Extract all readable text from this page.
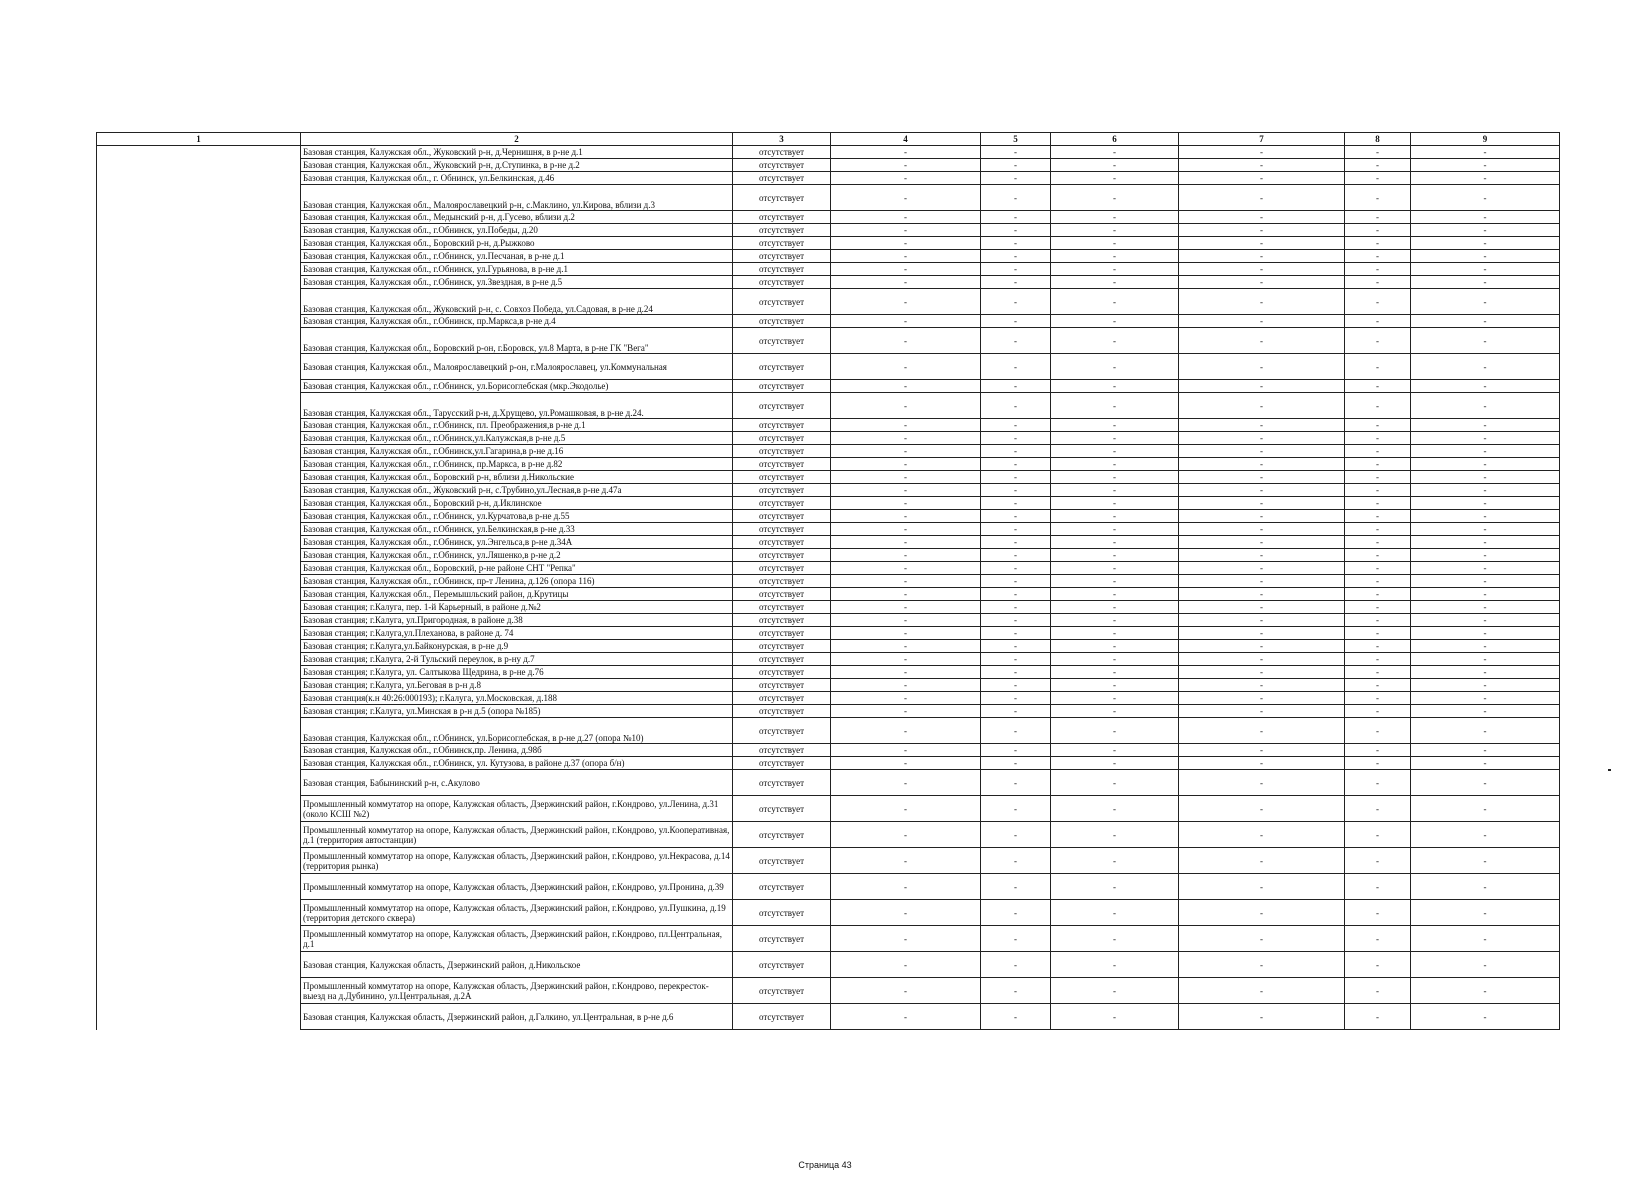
1	2	3	4	5	6	7	8	9
	Базовая станция, Калужская обл., Жуковский р-н, д.Чернишня, в р-не д.1	отсутствует	-	-	-	-	-	-
	Базовая станция, Калужская обл., Жуковский р-н, д.Ступинка, в р-не д.2	отсутствует	-	-	-	-	-	-
	Базовая станция, Калужская обл., г. Обнинск, ул.Белкинская, д.46	отсутствует	-	-	-	-	-	-
	Базовая станция, Калужская обл., Малоярославецкий р-н, с.Маклино, ул.Кирова, вблизи д.3	отсутствует	-	-	-	-	-	-
	Базовая станция, Калужская обл., Медынский р-н, д.Гусево, вблизи д.2	отсутствует	-	-	-	-	-	-
	Базовая станция, Калужская обл., г.Обнинск, ул.Победы, д.20	отсутствует	-	-	-	-	-	-
	Базовая станция, Калужская обл., Боровский р-н, д.Рыжково	отсутствует	-	-	-	-	-	-
	Базовая станция, Калужская обл., г.Обнинск, ул.Песчаная, в р-не д.1	отсутствует	-	-	-	-	-	-
	Базовая станция, Калужская обл., г.Обнинск, ул.Гурьянова, в р-не д.1	отсутствует	-	-	-	-	-	-
	Базовая станция, Калужская обл., г.Обнинск, ул.Звездная, в р-не д.5	отсутствует	-	-	-	-	-	-
	Базовая станция, Калужская обл., Жуковский р-н, с. Совхоз Победа, ул.Садовая, в р-не д.24	отсутствует	-	-	-	-	-	-
	Базовая станция, Калужская обл., г.Обнинск, пр.Маркса,в р-не д.4	отсутствует	-	-	-	-	-	-
	Базовая станция, Калужская обл., Боровский р-он, г.Боровск, ул.8 Марта, в р-не ГК "Вега"	отсутствует	-	-	-	-	-	-
	Базовая станция, Калужская обл., Малоярославецкий р-он, г.Малоярославец, ул.Коммунальная	отсутствует	-	-	-	-	-	-
	Базовая станция, Калужская обл., г.Обнинск, ул.Борисоглебская (мкр.Экодолье)	отсутствует	-	-	-	-	-	-
	Базовая станция, Калужская обл., Тарусский р-н, д.Хрущево, ул.Ромашковая, в р-не д.24.	отсутствует	-	-	-	-	-	-
	Базовая станция, Калужская обл., г.Обнинск, пл. Преображения,в р-не д.1	отсутствует	-	-	-	-	-	-
	Базовая станция, Калужская обл., г.Обнинск,ул.Калужская,в р-не д.5	отсутствует	-	-	-	-	-	-
	Базовая станция, Калужская обл., г.Обнинск,ул.Гагарина,в р-не д.16	отсутствует	-	-	-	-	-	-
	Базовая станция, Калужская обл., г.Обнинск, пр.Маркса, в р-не д.82	отсутствует	-	-	-	-	-	-
	Базовая станция, Калужская обл., Боровский р-н, вблизи д.Никольские	отсутствует	-	-	-	-	-	-
	Базовая станция, Калужская обл., Жуковский р-н, с.Трубино,ул.Лесная,в р-не д.47а	отсутствует	-	-	-	-	-	-
	Базовая станция, Калужская обл., Боровский р-н, д.Иклинское	отсутствует	-	-	-	-	-	-
	Базовая станция, Калужская обл., г.Обнинск, ул.Курчатова,в р-не д.55	отсутствует	-	-	-	-	-	-
	Базовая станция, Калужская обл., г.Обнинск, ул.Белкинская,в р-не д.33	отсутствует	-	-	-	-	-	-
	Базовая станция, Калужская обл., г.Обнинск, ул.Энгельса,в р-не д.34А	отсутствует	-	-	-	-	-	-
	Базовая станция, Калужская обл., г.Обнинск, ул.Ляшенко,в р-не д.2	отсутствует	-	-	-	-	-	-
	Базовая станция, Калужская обл., Боровский, р-не районе СНТ "Репка"	отсутствует	-	-	-	-	-	-
	Базовая станция, Калужская обл., г.Обнинск, пр-т Ленина, д.126 (опора 116)	отсутствует	-	-	-	-	-	-
	Базовая станция, Калужская обл., Перемышльский район, д.Крутицы	отсутствует	-	-	-	-	-	-
	Базовая станция; г.Калуга, пер. 1-й Карьерный, в районе д.№2	отсутствует	-	-	-	-	-	-
	Базовая станция; г.Калуга, ул.Пригородная, в районе д.38	отсутствует	-	-	-	-	-	-
	Базовая станция; г.Калуга,ул.Плеханова, в районе д. 74	отсутствует	-	-	-	-	-	-
	Базовая станция; г.Калуга,ул.Байконурская, в р-не д.9	отсутствует	-	-	-	-	-	-
	Базовая станция; г.Калуга, 2-й Тульский переулок, в р-ну д.7	отсутствует	-	-	-	-	-	-
	Базовая станция; г.Калуга, ул. Салтыкова Щедрина, в р-не д.76	отсутствует	-	-	-	-	-	-
	Базовая станция; г.Калуга, ул.Беговая в р-н д.8	отсутствует	-	-	-	-	-	-
	Базовая станция(к.н 40:26:000193); г.Калуга, ул.Московская, д.188	отсутствует	-	-	-	-	-	-
	Базовая станция; г.Калуга, ул.Минская в р-н д.5 (опора №185)	отсутствует	-	-	-	-	-	-
	Базовая станция, Калужская обл., г.Обнинск, ул.Борисоглебская, в р-не д.27 (опора №10)	отсутствует	-	-	-	-	-	-
	Базовая станция, Калужская обл., г.Обнинск,пр. Ленина, д.98б	отсутствует	-	-	-	-	-	-
	Базовая станция, Калужская обл., г.Обнинск, ул. Кутузова, в районе д.37 (опора б/н)	отсутствует	-	-	-	-	-	-
	Базовая станция, Бабынинский р-н, с.Акулово	отсутствует	-	-	-	-	-	-
	Промышленный коммутатор на опоре, Калужская область, Дзержинский район, г.Кондрово, ул.Ленина, д.31 (около КСШ №2)	отсутствует	-	-	-	-	-	-
	Промышленный коммутатор на опоре, Калужская область, Дзержинский район, г.Кондрово, ул.Кооперативная, д.1 (территория автостанции)	отсутствует	-	-	-	-	-	-
	Промышленный коммутатор на опоре, Калужская область, Дзержинский район, г.Кондрово, ул.Некрасова, д.14 (территория рынка)	отсутствует	-	-	-	-	-	-
	Промышленный коммутатор на опоре, Калужская область, Дзержинский район, г.Кондрово, ул.Пронина, д.39	отсутствует	-	-	-	-	-	-
	Промышленный коммутатор на опоре, Калужская область, Дзержинский район, г.Кондрово, ул.Пушкина, д.19 (территория детского сквера)	отсутствует	-	-	-	-	-	-
	Промышленный коммутатор на опоре, Калужская область, Дзержинский район, г.Кондрово, пл.Центральная, д.1	отсутствует	-	-	-	-	-	-
	Базовая станция, Калужская область, Дзержинский район, д.Никольское	отсутствует	-	-	-	-	-	-
	Промышленный коммутатор на опоре, Калужская область, Дзержинский район, г.Кондрово, перекресток-выезд на д.Дубинино, ул.Центральная, д.2А	отсутствует	-	-	-	-	-	-
	Базовая станция, Калужская область, Дзержинский район, д.Галкино, ул.Центральная, в р-не д.6	отсутствует	-	-	-	-	-	-
Страница 43
